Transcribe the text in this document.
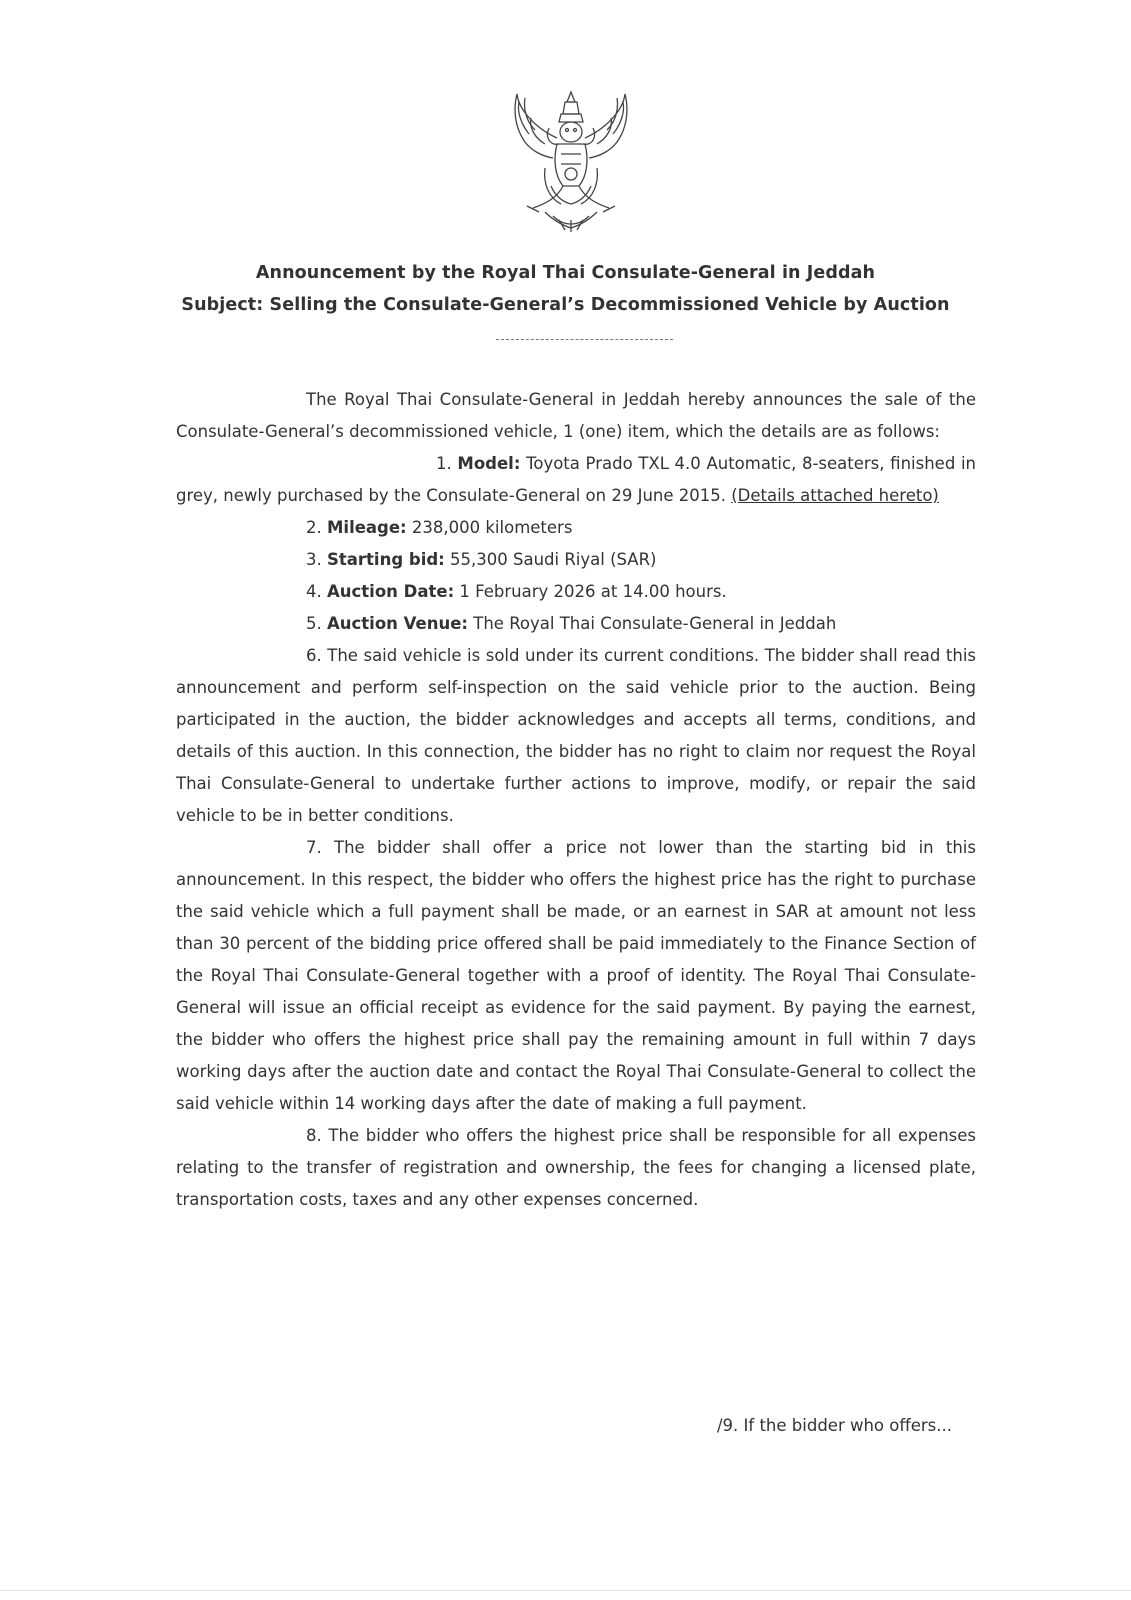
Announcement by the Royal Thai Consulate-General in Jeddah
Subject: Selling the Consulate-General’s Decommissioned Vehicle by Auction

The Royal Thai Consulate-General in Jeddah hereby announces the sale of the Consulate-General’s decommissioned vehicle, 1 (one) item, which the details are as follows:

1. Model: Toyota Prado TXL 4.0 Automatic, 8-seaters, finished in grey, newly purchased by the Consulate-General on 29 June 2015. (Details attached hereto)

2. Mileage: 238,000 kilometers

3. Starting bid: 55,300 Saudi Riyal (SAR)

4. Auction Date: 1 February 2026 at 14.00 hours.

5. Auction Venue: The Royal Thai Consulate-General in Jeddah

6. The said vehicle is sold under its current conditions. The bidder shall read this announcement and perform self-inspection on the said vehicle prior to the auction. Being participated in the auction, the bidder acknowledges and accepts all terms, conditions, and details of this auction. In this connection, the bidder has no right to claim nor request the Royal Thai Consulate-General to undertake further actions to improve, modify, or repair the said vehicle to be in better conditions.

7. The bidder shall offer a price not lower than the starting bid in this announcement. In this respect, the bidder who offers the highest price has the right to purchase the said vehicle which a full payment shall be made, or an earnest in SAR at amount not less than 30 percent of the bidding price offered shall be paid immediately to the Finance Section of the Royal Thai Consulate-General together with a proof of identity. The Royal Thai Consulate-General will issue an official receipt as evidence for the said payment. By paying the earnest, the bidder who offers the highest price shall pay the remaining amount in full within 7 days working days after the auction date and contact the Royal Thai Consulate-General to collect the said vehicle within 14 working days after the date of making a full payment.

8. The bidder who offers the highest price shall be responsible for all expenses relating to the transfer of registration and ownership, the fees for changing a licensed plate, transportation costs, taxes and any other expenses concerned.

/9. If the bidder who offers...
